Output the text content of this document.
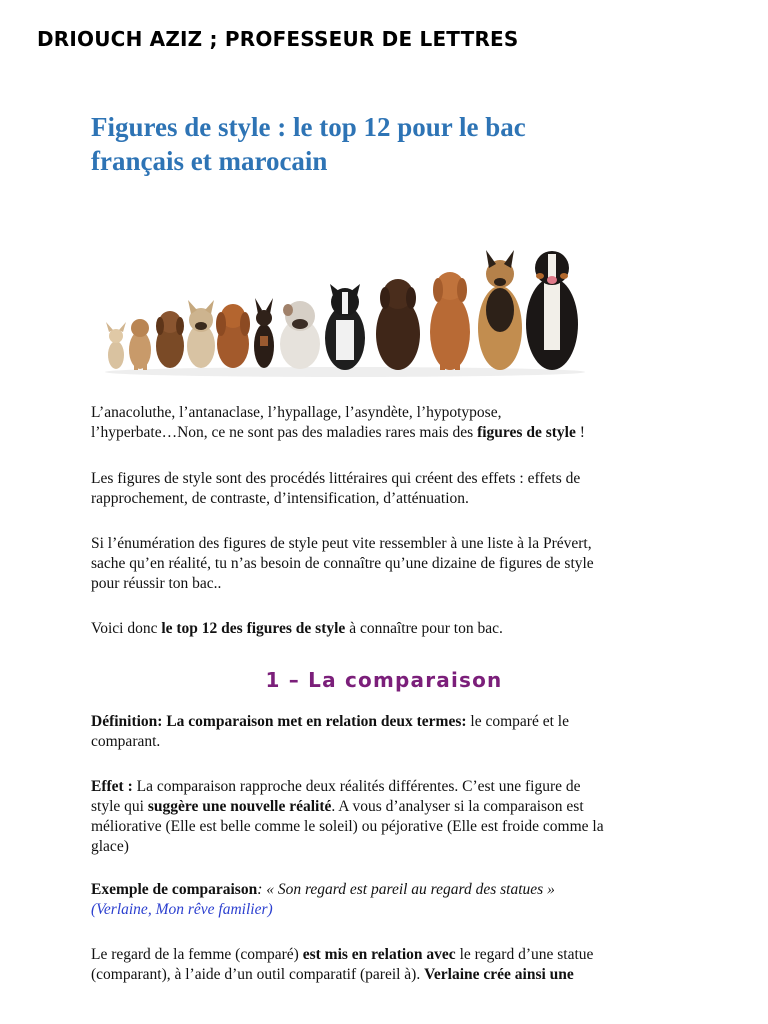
DRIOUCH AZIZ ; PROFESSEUR DE LETTRES
Figures de style : le top 12 pour le bac
français et marocain
L’anacoluthe, l’antanaclase, l’hypallage, l’asyndète, l’hypotypose,
l’hyperbate…Non, ce ne sont pas des maladies rares mais des figures de style !
Les figures de style sont des procédés littéraires qui créent des effets : effets de
rapprochement, de contraste, d’intensification, d’atténuation.
Si l’énumération des figures de style peut vite ressembler à une liste à la Prévert,
sache qu’en réalité, tu n’as besoin de connaître qu’une dizaine de figures de style
pour réussir ton bac..
Voici donc le top 12 des figures de style à connaître pour ton bac.
1 – La comparaison
Définition: La comparaison met en relation deux termes: le comparé et le
comparant.
Effet : La comparaison rapproche deux réalités différentes. C’est une figure de
style qui suggère une nouvelle réalité. A vous d’analyser si la comparaison est
méliorative (Elle est belle comme le soleil) ou péjorative (Elle est froide comme la
glace)
Exemple de comparaison: « Son regard est pareil au regard des statues »
(Verlaine, Mon rêve familier)
Le regard de la femme (comparé) est mis en relation avec le regard d’une statue
(comparant), à l’aide d’un outil comparatif (pareil à). Verlaine crée ainsi une
